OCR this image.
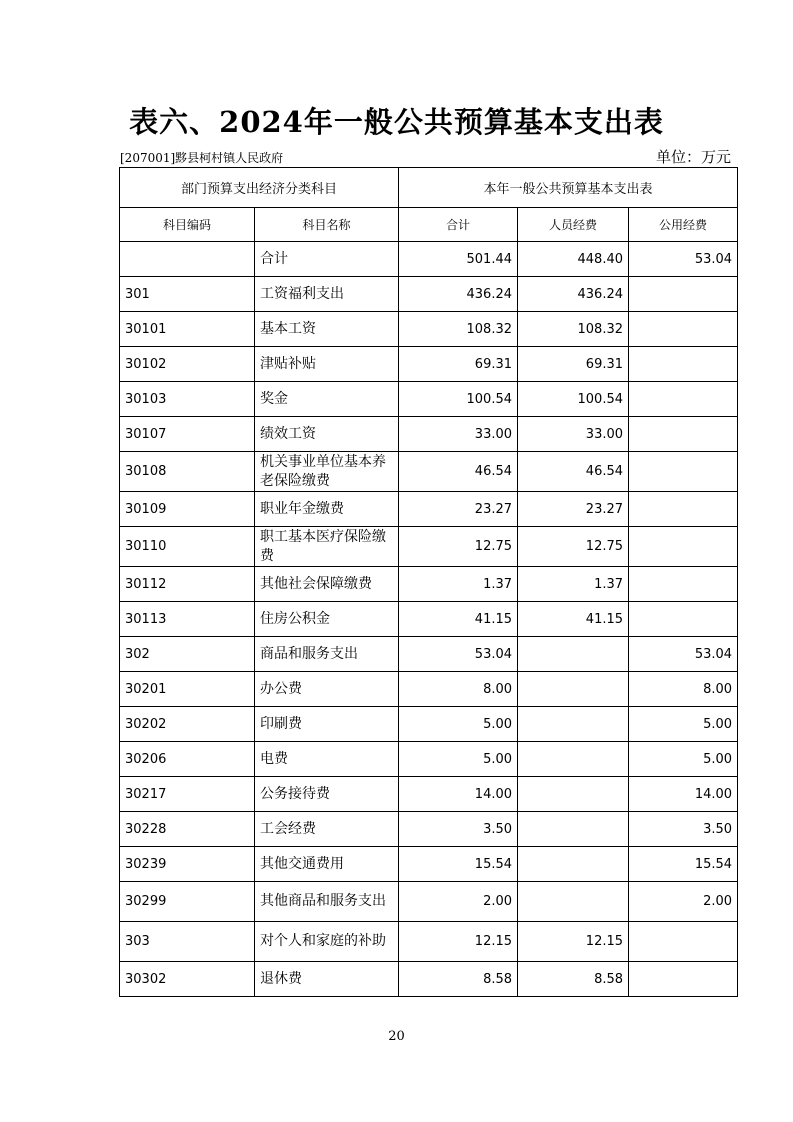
表六、2024年一般公共预算基本支出表
[207001]黟县柯村镇人民政府	单位：万元
部门预算支出经济分类科目		本年一般公共预算基本支出表		
科目编码	科目名称	合计	人员经费	公用经费
	合计	501.44	448.40	53.04
301	工资福利支出	436.24	436.24	
30101	基本工资	108.32	108.32	
30102	津贴补贴	69.31	69.31	
30103	奖金	100.54	100.54	
30107	绩效工资	33.00	33.00	
30108	机关事业单位基本养老保险缴费	46.54	46.54	
30109	职业年金缴费	23.27	23.27	
30110	职工基本医疗保险缴费	12.75	12.75	
30112	其他社会保障缴费	1.37	1.37	
30113	住房公积金	41.15	41.15	
302	商品和服务支出	53.04		53.04
30201	办公费	8.00		8.00
30202	印刷费	5.00		5.00
30206	电费	5.00		5.00
30217	公务接待费	14.00		14.00
30228	工会经费	3.50		3.50
30239	其他交通费用	15.54		15.54
30299	其他商品和服务支出	2.00		2.00
303	对个人和家庭的补助	12.15	12.15	
30302	退休费	8.58	8.58	
20
